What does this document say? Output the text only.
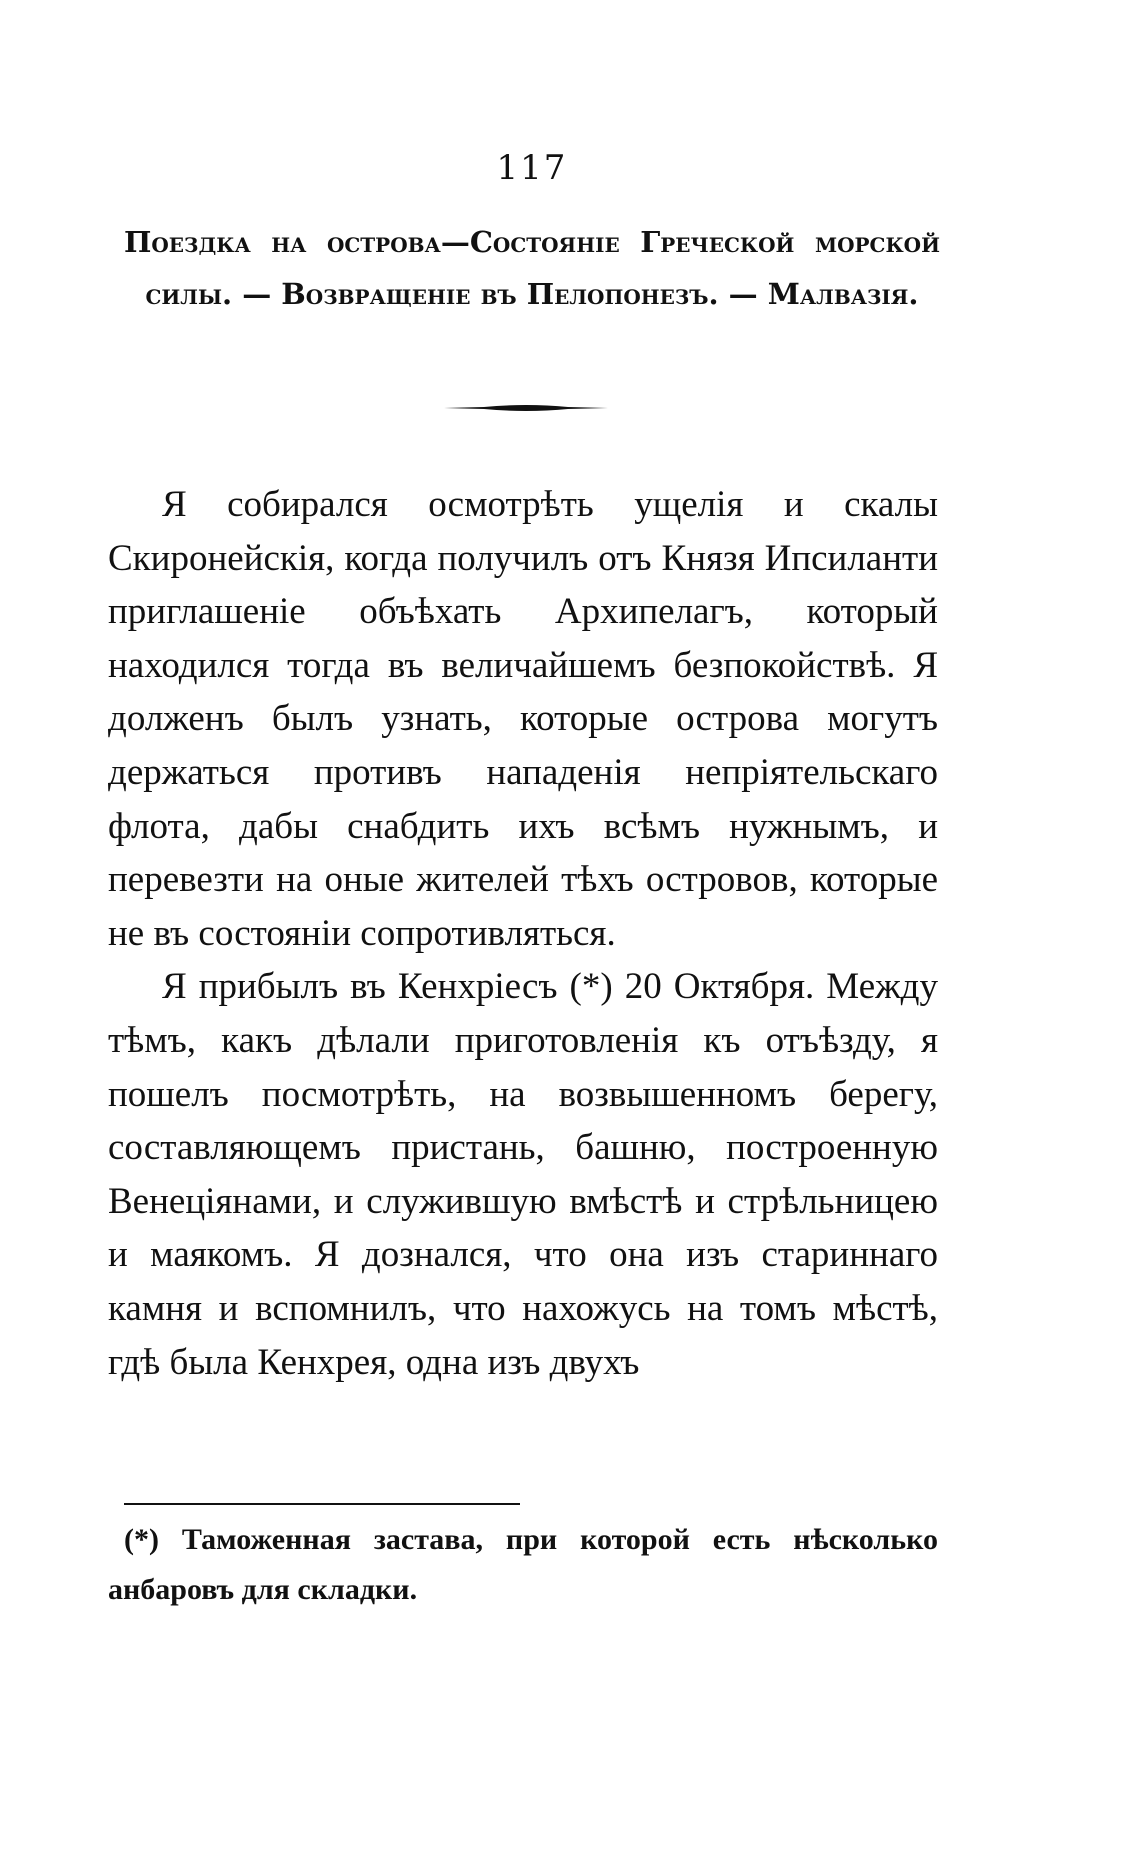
117
Поездка на острова—Состояніе Греческой морской силы. — Возвращеніе въ Пелопонезъ. — Малвазія.

Я собирался осмотрѣть ущелія и скалы Скиронейскія, когда получилъ отъ Князя Ипсиланти приглашеніе объѣхать Архипелагъ, который находился тогда въ величайшемъ безпокойствѣ. Я долженъ былъ узнать, которые острова могутъ держаться противъ нападенія непріятельскаго флота, дабы снабдить ихъ всѣмъ нужнымъ, и перевезти на оные жителей тѣхъ островов, которые не въ состояніи сопротивляться.

Я прибылъ въ Кенхріесъ (*) 20 Октября. Между тѣмъ, какъ дѣлали приготовленія къ отъѣзду, я пошелъ посмотрѣть, на возвышенномъ берегу, составляющемъ пристань, башню, построенную Венеціянами, и служившую вмѣстѣ и стрѣльницею и маякомъ. Я дознался, что она изъ стариннаго камня и вспомнилъ, что нахожусь на томъ мѣстѣ, гдѣ была Кенхрея, одна изъ двухъ

(*) Таможенная застава, при которой есть нѣсколько анбаровъ для складки.
